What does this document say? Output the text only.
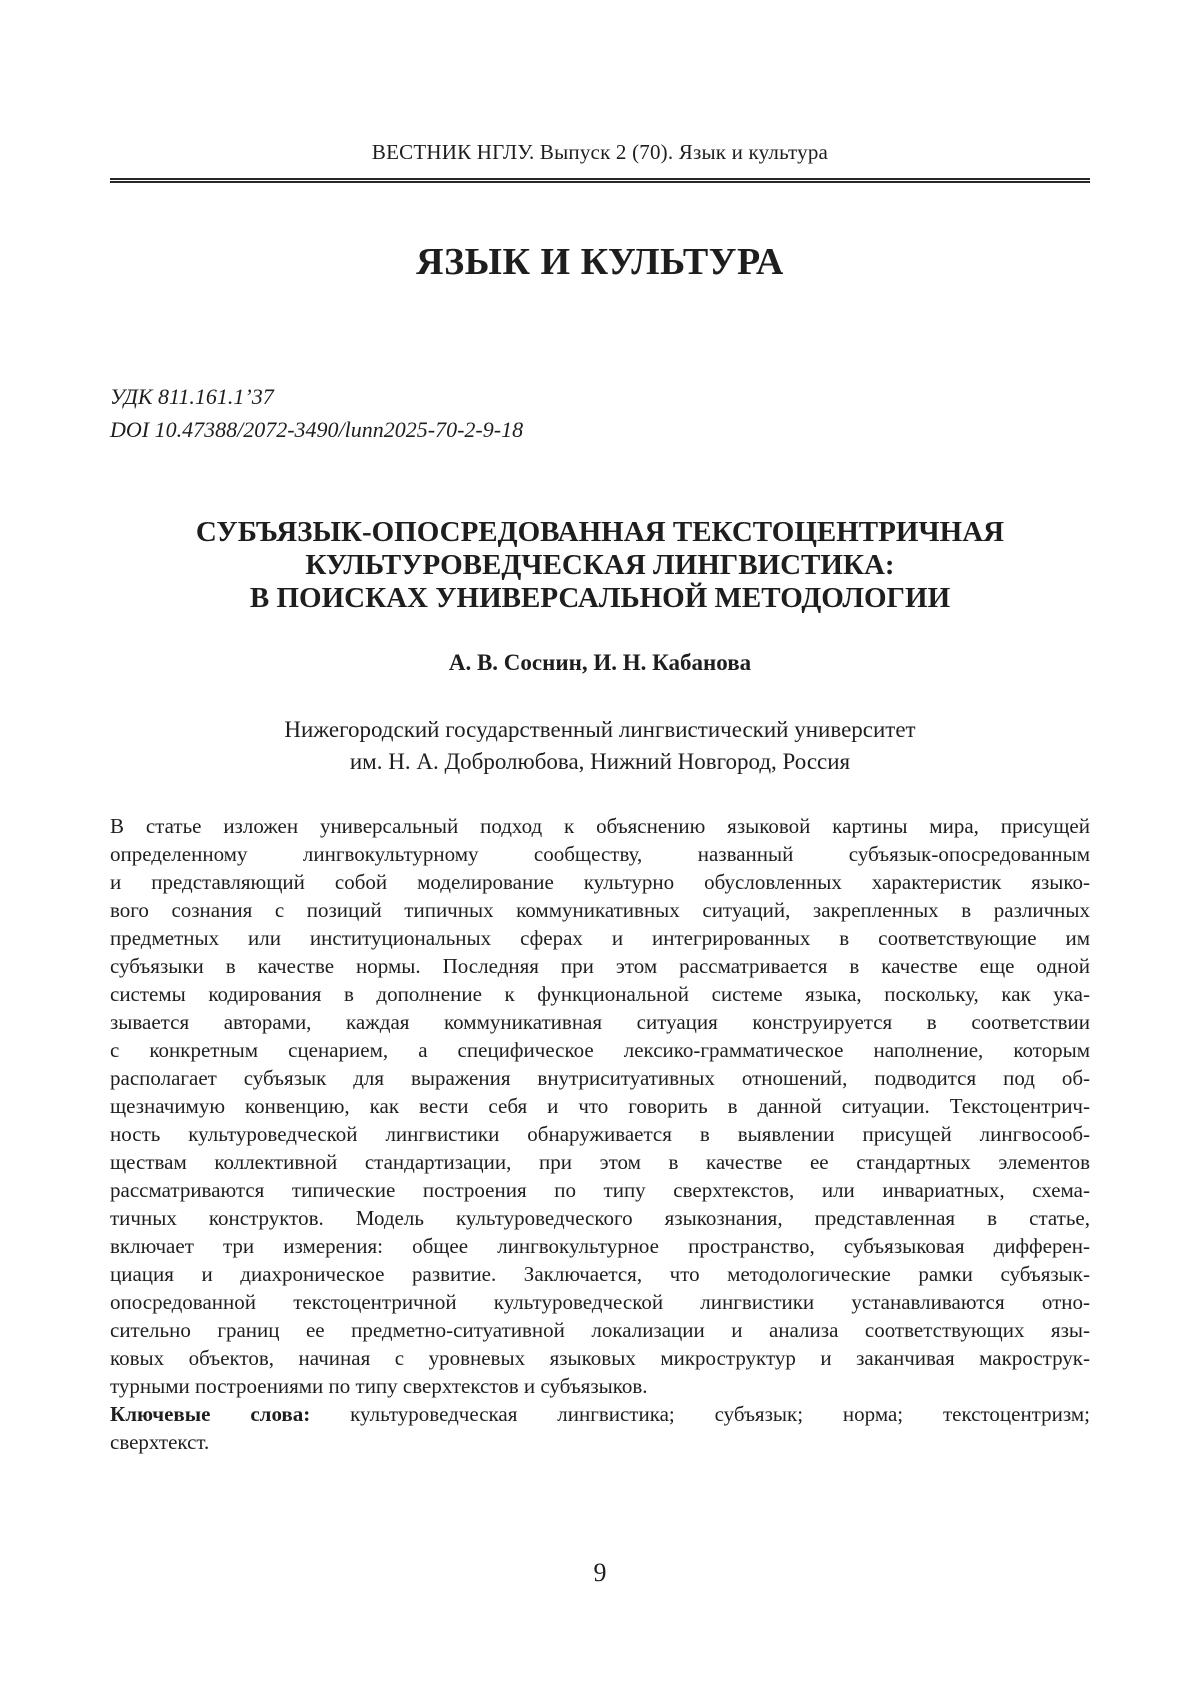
ВЕСТНИК НГЛУ. Выпуск 2 (70). Язык и культура
ЯЗЫК И КУЛЬТУРА
УДК 811.161.1’37
DOI 10.47388/2072-3490/lunn2025-70-2-9-18
СУБЪЯЗЫК-ОПОСРЕДОВАННАЯ ТЕКСТОЦЕНТРИЧНАЯ
КУЛЬТУРОВЕДЧЕСКАЯ ЛИНГВИСТИКА:
В ПОИСКАХ УНИВЕРСАЛЬНОЙ МЕТОДОЛОГИИ
А. В. Соснин, И. Н. Кабанова
Нижегородский государственный лингвистический университет
им. Н. А. Добролюбова, Нижний Новгород, Россия
В статье изложен универсальный подход к объяснению языковой картины мира, присущей
определенному лингвокультурному сообществу, названный субъязык-опосредованным
и представляющий собой моделирование культурно обусловленных характеристик языко-
вого сознания с позиций типичных коммуникативных ситуаций, закрепленных в различных
предметных или институциональных сферах и интегрированных в соответствующие им
субъязыки в качестве нормы. Последняя при этом рассматривается в качестве еще одной
системы кодирования в дополнение к функциональной системе языка, поскольку, как ука-
зывается авторами, каждая коммуникативная ситуация конструируется в соответствии
с конкретным сценарием, а специфическое лексико-грамматическое наполнение, которым
располагает субъязык для выражения внутриситуативных отношений, подводится под об-
щезначимую конвенцию, как вести себя и что говорить в данной ситуации. Текстоцентрич-
ность культуроведческой лингвистики обнаруживается в выявлении присущей лингвосооб-
ществам коллективной стандартизации, при этом в качестве ее стандартных элементов
рассматриваются типические построения по типу сверхтекстов, или инвариатных, схема-
тичных конструктов. Модель культуроведческого языкознания, представленная в статье,
включает три измерения: общее лингвокультурное пространство, субъязыковая дифферен-
циация и диахроническое развитие. Заключается, что методологические рамки субъязык-
опосредованной текстоцентричной культуроведческой лингвистики устанавливаются отно-
сительно границ ее предметно-ситуативной локализации и анализа соответствующих язы-
ковых объектов, начиная с уровневых языковых микроструктур и заканчивая макрострук-
турными построениями по типу сверхтекстов и субъязыков.
Ключевые слова: культуроведческая лингвистика; субъязык; норма; текстоцентризм;
сверхтекст.
9
